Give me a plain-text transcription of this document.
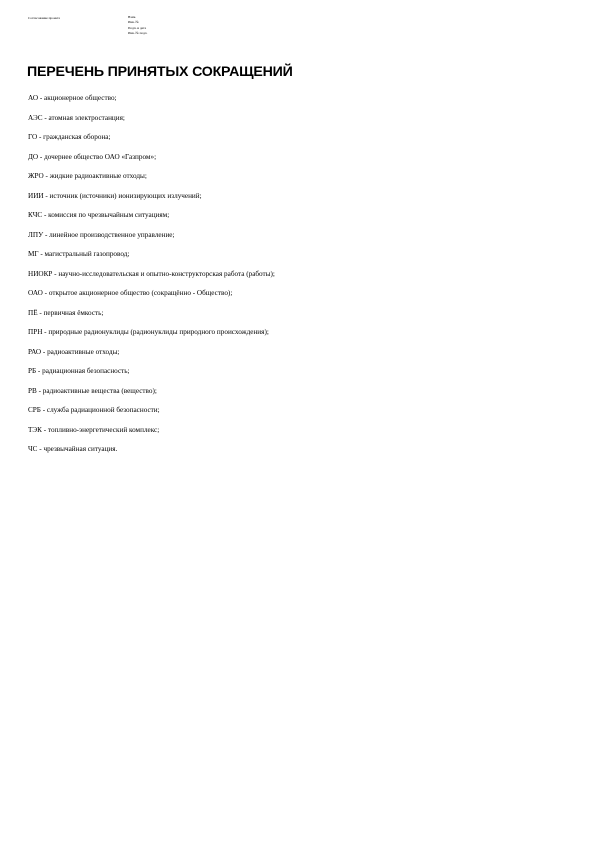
Согласование проекта	Взам.
Инв. №
Подп. и дата
Инв. № подл.
ПЕРЕЧЕНЬ ПРИНЯТЫХ СОКРАЩЕНИЙ
АО - акционерное общество;
АЭС - атомная электростанция;
ГО - гражданская оборона;
ДО - дочернее общество ОАО «Газпром»;
ЖРО - жидкие радиоактивные отходы;
ИИИ - источник (источники) ионизирующих излучений;
КЧС - комиссия по чрезвычайным ситуациям;
ЛПУ - линейное производственное управление;
МГ - магистральный газопровод;
НИОКР - научно-исследовательская и опытно-конструкторская работа (работы);
ОАО - открытое акционерное общество (сокращённо - Общество);
ПЁ - первичная ёмкость;
ПРН - природные радионуклиды (радионуклиды природного происхождения);
РАО - радиоактивные отходы;
РБ - радиационная безопасность;
РВ - радиоактивные вещества (вещество);
СРБ - служба радиационной безопасности;
ТЭК - топливно-энергетический комплекс;
ЧС - чрезвычайная ситуация.
